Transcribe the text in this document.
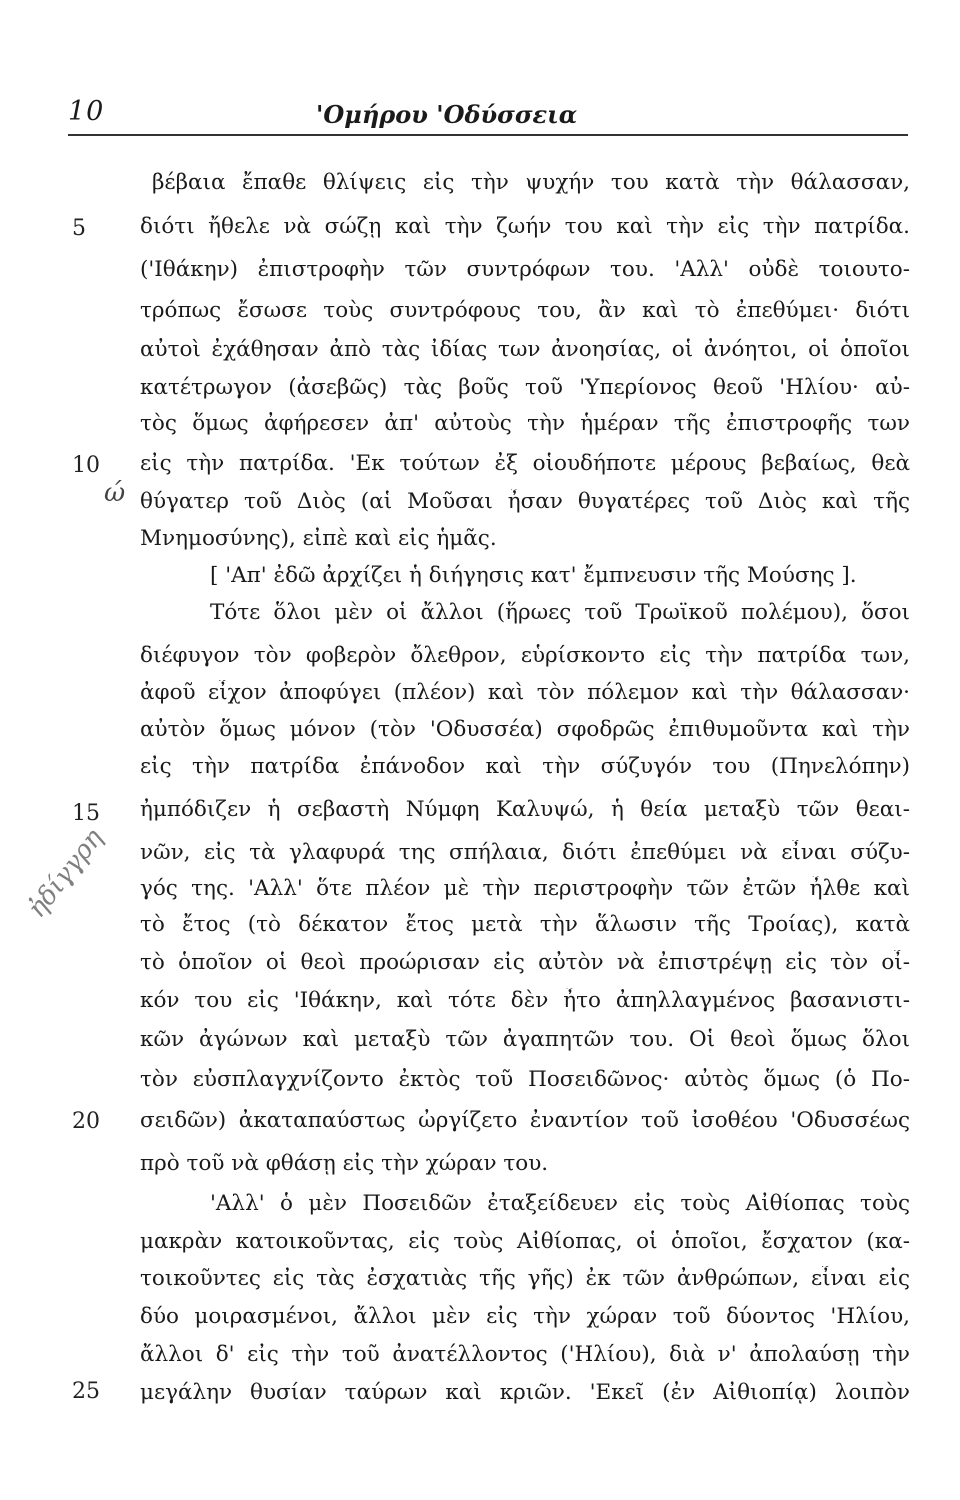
10	'Ομήρου 'Οδύσσεια
5
10
15
20
25
ώ
ἠδίγγρη
βέβαια ἔπαθε θλίψεις εἰς τὴν ψυχήν του κατὰ τὴν θάλασσαν,
διότι ἤθελε νὰ σώζῃ καὶ τὴν ζωήν του καὶ τὴν εἰς τὴν πατρίδα.
('Ιθάκην) ἐπιστροφὴν τῶν συντρόφων του. 'Αλλ' οὐδὲ τοιουτο-
τρόπως ἔσωσε τοὺς συντρόφους του, ἂν καὶ τὸ ἐπεθύμει· διότι
αὐτοὶ ἐχάθησαν ἀπὸ τὰς ἰδίας των ἀνοησίας, οἱ ἀνόητοι, οἱ ὁποῖοι
κατέτρωγον (ἀσεβῶς) τὰς βοῦς τοῦ 'Υπερίονος θεοῦ 'Ηλίου· αὐ-
τὸς ὅμως ἀφήρεσεν ἀπ' αὐτοὺς τὴν ἡμέραν τῆς ἐπιστροφῆς των
εἰς τὴν πατρίδα. 'Εκ τούτων ἐξ οἱουδήποτε μέρους βεβαίως, θεὰ
θύγατερ τοῦ Διὸς (αἱ Μοῦσαι ἦσαν θυγατέρες τοῦ Διὸς καὶ τῆς
Μνημοσύνης), εἰπὲ καὶ εἰς ἡμᾶς.
[ 'Απ' ἐδῶ ἀρχίζει ἡ διήγησις κατ' ἔμπνευσιν τῆς Μούσης ].
Τότε ὅλοι μὲν οἱ ἄλλοι (ἥρωες τοῦ Τρωϊκοῦ πολέμου), ὅσοι
διέφυγον τὸν φοβερὸν ὄλεθρον, εὑρίσκοντο εἰς τὴν πατρίδα των,
ἀφοῦ εἶχον ἀποφύγει (πλέον) καὶ τὸν πόλεμον καὶ τὴν θάλασσαν·
αὐτὸν ὅμως μόνον (τὸν 'Οδυσσέα) σφοδρῶς ἐπιθυμοῦντα καὶ τὴν
εἰς τὴν πατρίδα ἐπάνοδον καὶ τὴν σύζυγόν του (Πηνελόπην)
ἠμπόδιζεν ἡ σεβαστὴ Νύμφη Καλυψώ, ἡ θεία μεταξὺ τῶν θεαι-
νῶν, εἰς τὰ γλαφυρά της σπήλαια, διότι ἐπεθύμει νὰ εἶναι σύζυ-
γός της. 'Αλλ' ὅτε πλέον μὲ τὴν περιστροφὴν τῶν ἐτῶν ἦλθε καὶ
τὸ ἔτος (τὸ δέκατον ἔτος μετὰ τὴν ἅλωσιν τῆς Τροίας), κατὰ
τὸ ὁποῖον οἱ θεοὶ προώρισαν εἰς αὐτὸν νὰ ἐπιστρέψῃ εἰς τὸν οἶ-
κόν του εἰς 'Ιθάκην, καὶ τότε δὲν ἦτο ἀπηλλαγμένος βασανιστι-
κῶν ἀγώνων καὶ μεταξὺ τῶν ἀγαπητῶν του. Οἱ θεοὶ ὅμως ὅλοι
τὸν εὐσπλαγχνίζοντο ἐκτὸς τοῦ Ποσειδῶνος· αὐτὸς ὅμως (ὁ Πο-
σειδῶν) ἀκαταπαύστως ὠργίζετο ἐναντίον τοῦ ἰσοθέου 'Οδυσσέως
πρὸ τοῦ νὰ φθάσῃ εἰς τὴν χώραν του.
'Αλλ' ὁ μὲν Ποσειδῶν ἐταξείδευεν εἰς τοὺς Αἰθίοπας τοὺς
μακρὰν κατοικοῦντας, εἰς τοὺς Αἰθίοπας, οἱ ὁποῖοι, ἔσχατον (κα-
τοικοῦντες εἰς τὰς ἐσχατιὰς τῆς γῆς) ἐκ τῶν ἀνθρώπων, εἶναι εἰς
δύο μοιρασμένοι, ἄλλοι μὲν εἰς τὴν χώραν τοῦ δύοντος 'Ηλίου,
ἄλλοι δ' εἰς τὴν τοῦ ἀνατέλλοντος ('Ηλίου), διὰ ν' ἀπολαύσῃ τὴν
μεγάλην θυσίαν ταύρων καὶ κριῶν. 'Εκεῖ (ἐν Αἰθιοπίᾳ) λοιπὸν
